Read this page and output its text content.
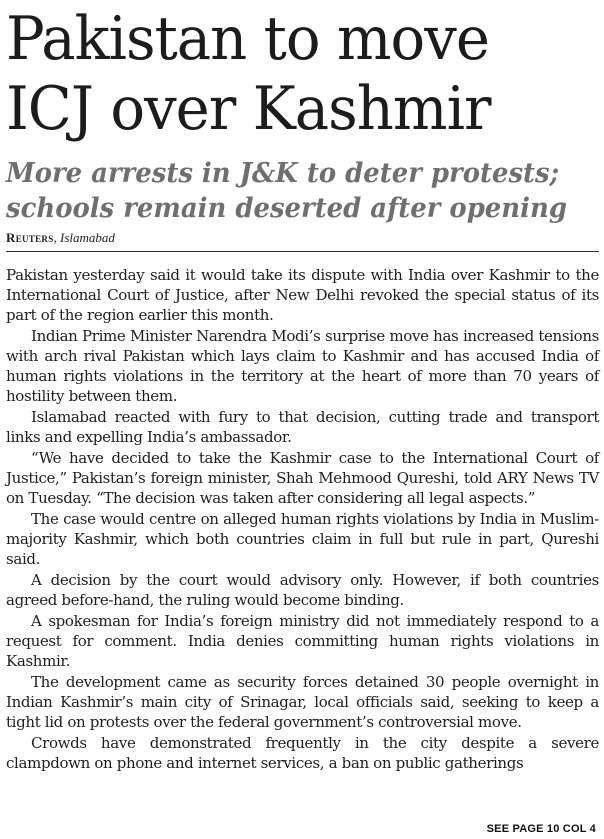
Pakistan to move
ICJ over Kashmir
More arrests in J&K to deter protests;
schools remain deserted after opening
Reuters, Islamabad

Pakistan yesterday said it would take its dispute with India over Kashmir to the International Court of Justice, after New Delhi revoked the special status of its part of the region earlier this month.

Indian Prime Minister Narendra Modi’s surprise move has increased tensions with arch rival Pakistan which lays claim to Kashmir and has accused India of human rights violations in the territory at the heart of more than 70 years of hostility between them.

Islamabad reacted with fury to that decision, cutting trade and transport links and expelling India’s ambassador.

“We have decided to take the Kashmir case to the International Court of Justice,” Pakistan’s foreign minister, Shah Mehmood Qureshi, told ARY News TV on Tuesday. “The decision was taken after considering all legal aspects.”

The case would centre on alleged human rights violations by India in Muslim-majority Kashmir, which both countries claim in full but rule in part, Qureshi said.

A decision by the court would advisory only. However, if both countries agreed before-hand, the ruling would become binding.

A spokesman for India’s foreign ministry did not immediately respond to a request for comment. India denies committing human rights violations in Kashmir.

The development came as security forces detained 30 people overnight in Indian Kashmir’s main city of Srinagar, local officials said, seeking to keep a tight lid on protests over the federal government’s controversial move.

Crowds have demonstrated frequently in the city despite a severe clampdown on phone and internet services, a ban on public gatherings

SEE PAGE 10 COL 4
